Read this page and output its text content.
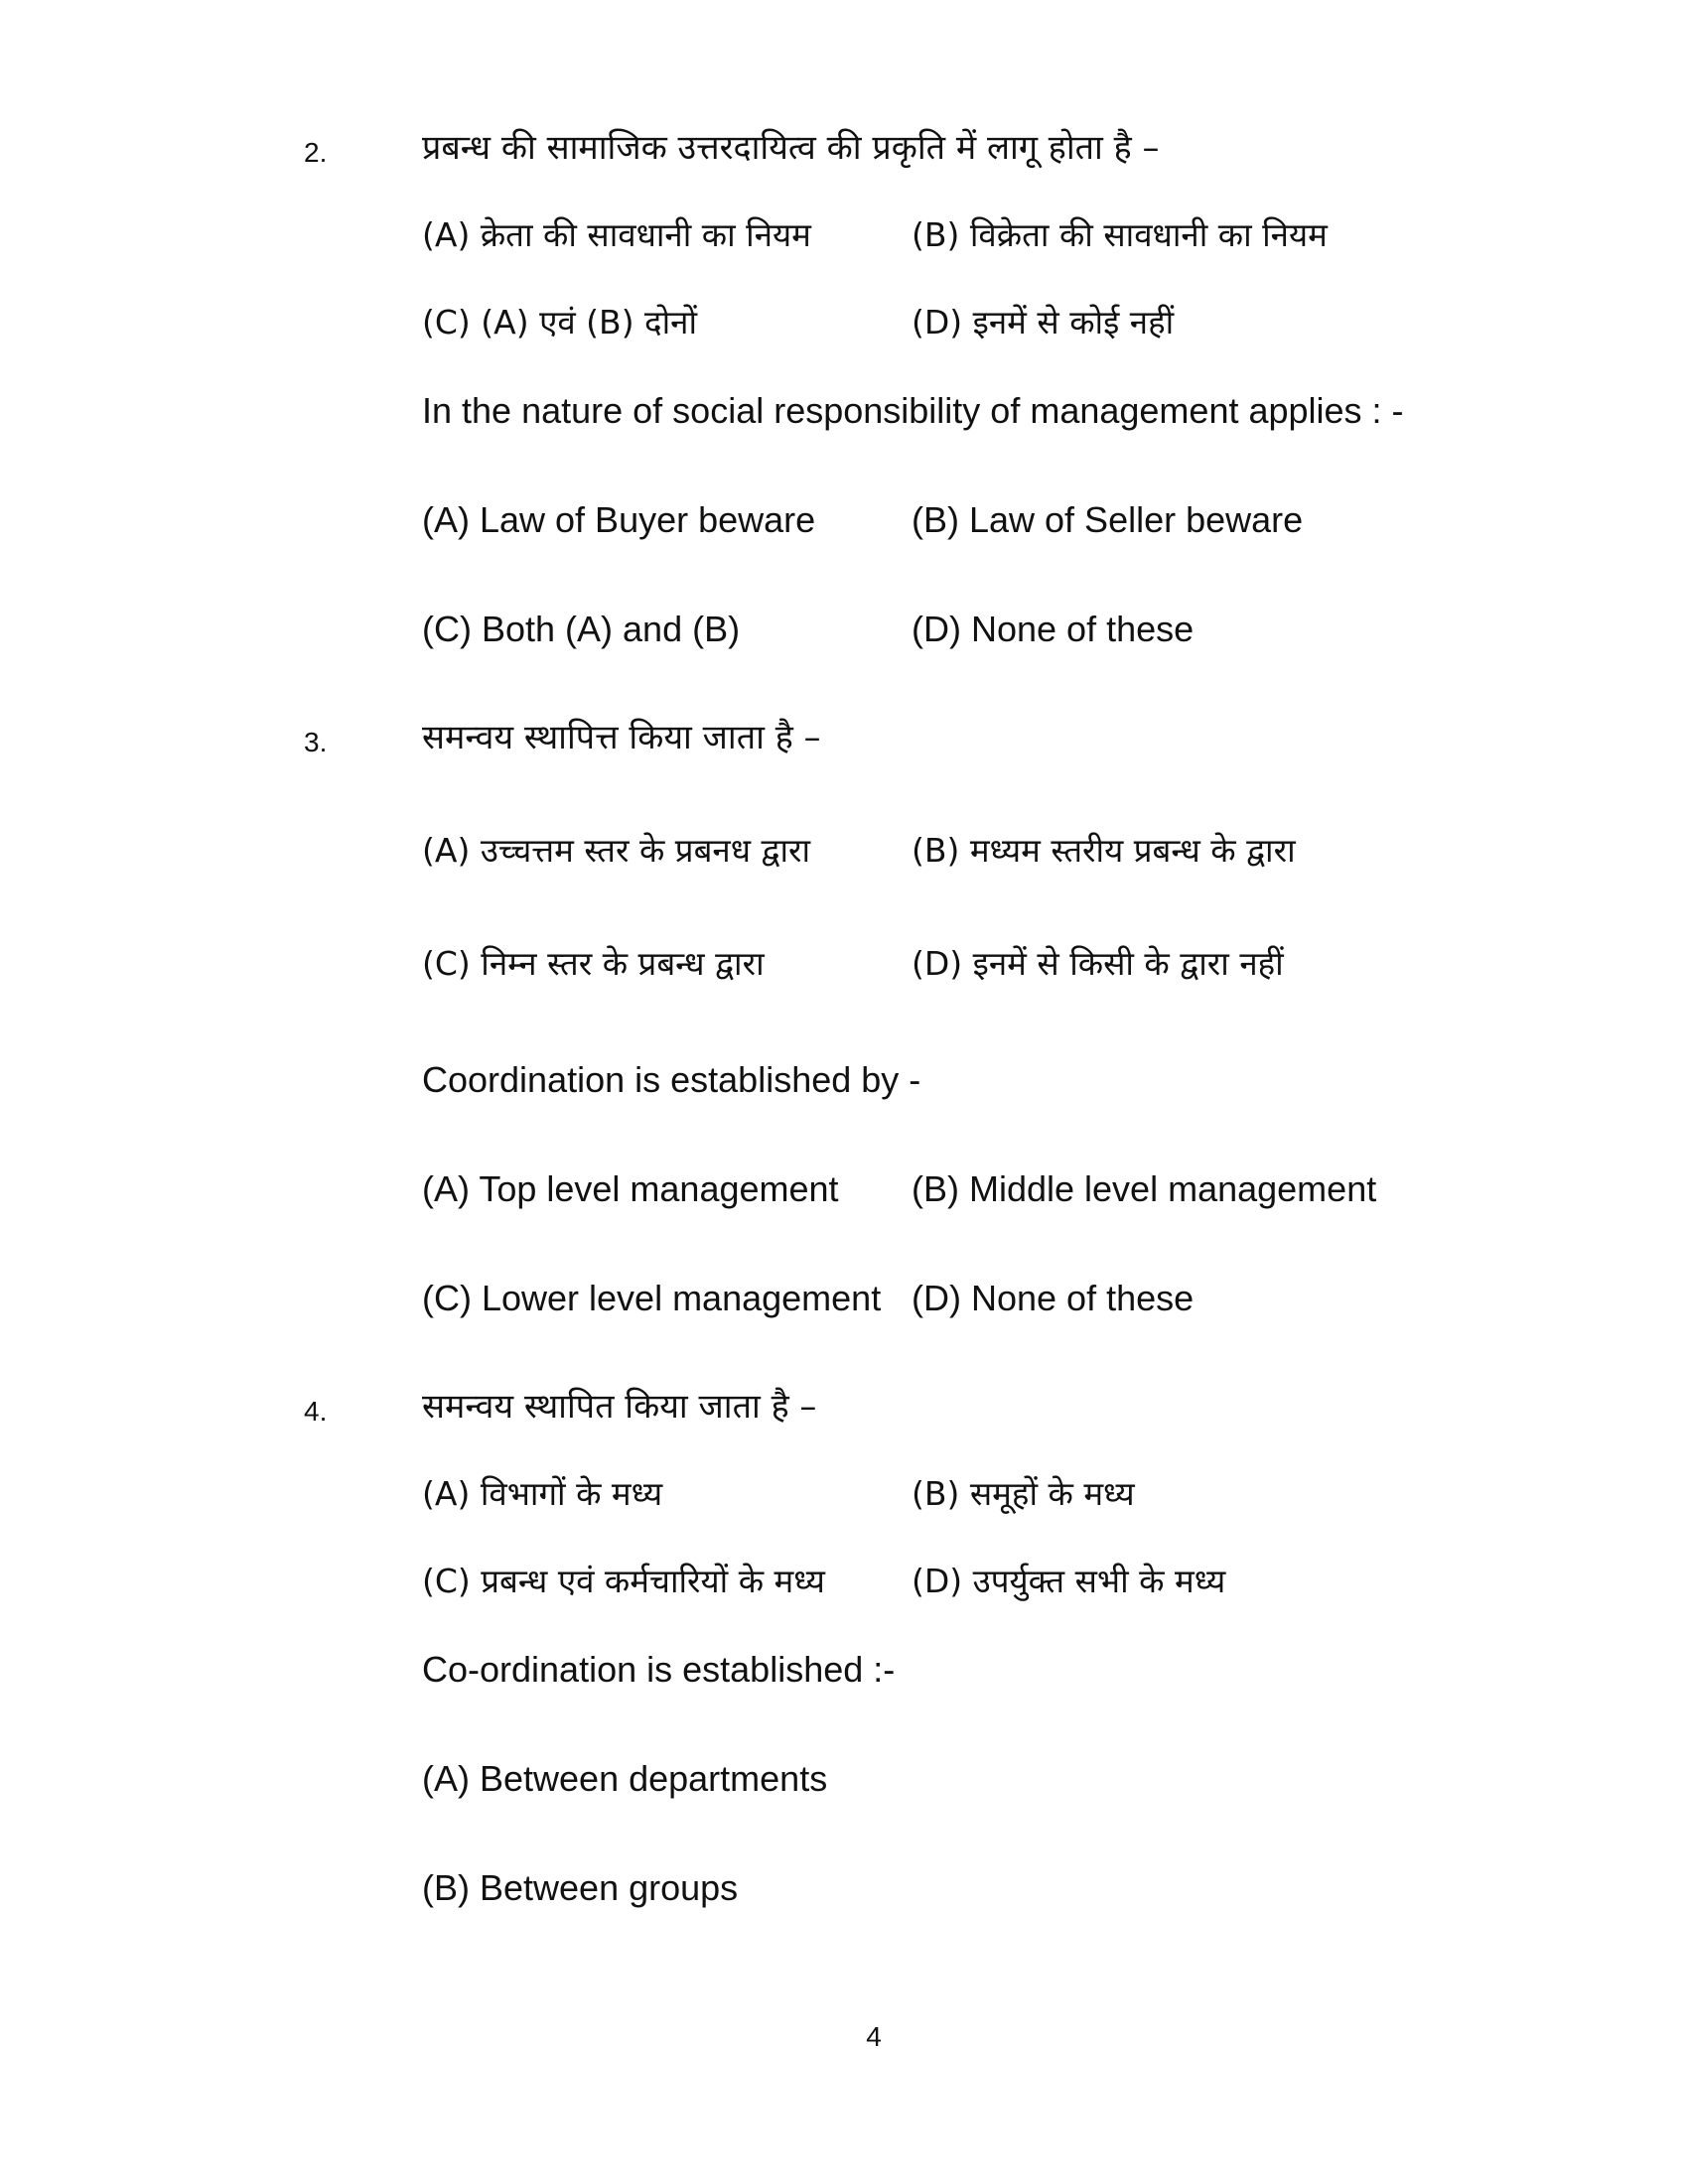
2.	प्रबन्ध की सामाजिक उत्तरदायित्व की प्रकृति में लागू होता है –
(A) क्रेता की सावधानी का नियम	(B) विक्रेता की सावधानी का नियम
(C) (A) एवं (B) दोनों	(D) इनमें से कोई नहीं
In the nature of social responsibility of management applies : -
(A) Law of Buyer beware	(B) Law of Seller beware
(C) Both (A) and (B)	(D) None of these
3.	समन्वय स्थापित्त किया जाता है –
(A) उच्चत्तम स्तर के प्रबनध द्वारा	(B) मध्यम स्तरीय प्रबन्ध के द्वारा
(C) निम्न स्तर के प्रबन्ध द्वारा	(D) इनमें से किसी के द्वारा नहीं
Coordination is established by -
(A) Top level management (B) Middle level management
(C) Lower level management (D) None of these
4.	समन्वय स्थापित किया जाता है –
(A) विभागों के मध्य	(B) समूहों के मध्य
(C) प्रबन्ध एवं कर्मचारियों के मध्य	(D) उपर्युक्त सभी के मध्य
Co-ordination is established :-
(A) Between departments
(B) Between groups
4
